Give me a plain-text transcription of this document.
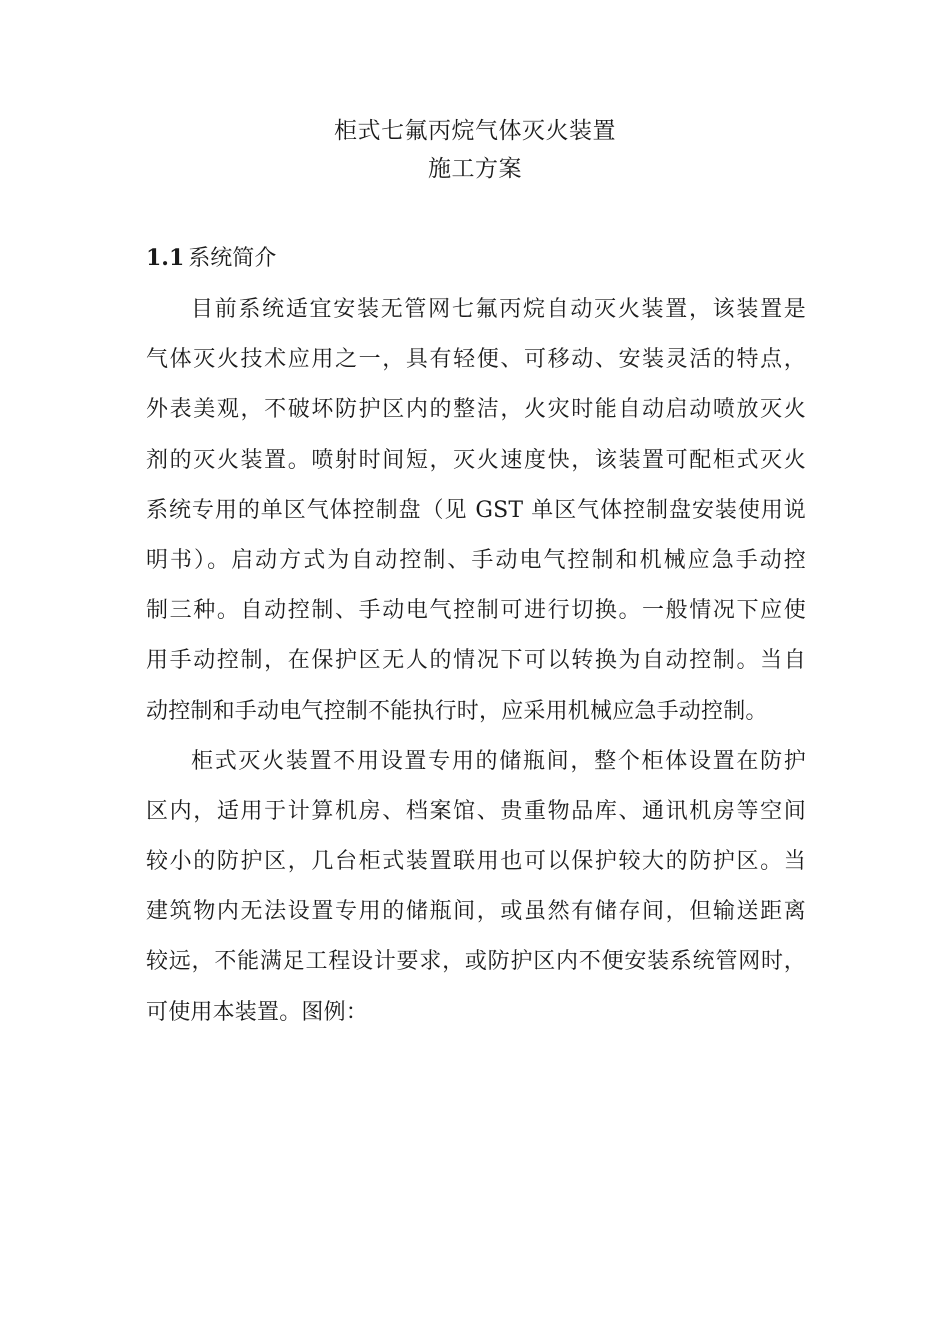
柜式七氟丙烷气体灭火装置
施工方案
1.1 系统简介
目前系统适宜安装无管网七氟丙烷自动灭火装置，该装置是
气体灭火技术应用之一，具有轻便、可移动、安装灵活的特点，
外表美观，不破坏防护区内的整洁，火灾时能自动启动喷放灭火
剂的灭火装置。喷射时间短，灭火速度快，该装置可配柜式灭火
系统专用的单区气体控制盘（见 GST 单区气体控制盘安装使用说
明书）。启动方式为自动控制、手动电气控制和机械应急手动控
制三种。自动控制、手动电气控制可进行切换。一般情况下应使
用手动控制，在保护区无人的情况下可以转换为自动控制。当自
动控制和手动电气控制不能执行时，应采用机械应急手动控制。
柜式灭火装置不用设置专用的储瓶间，整个柜体设置在防护
区内，适用于计算机房、档案馆、贵重物品库、通讯机房等空间
较小的防护区，几台柜式装置联用也可以保护较大的防护区。当
建筑物内无法设置专用的储瓶间，或虽然有储存间，但输送距离
较远，不能满足工程设计要求，或防护区内不便安装系统管网时，
可使用本装置。图例：
